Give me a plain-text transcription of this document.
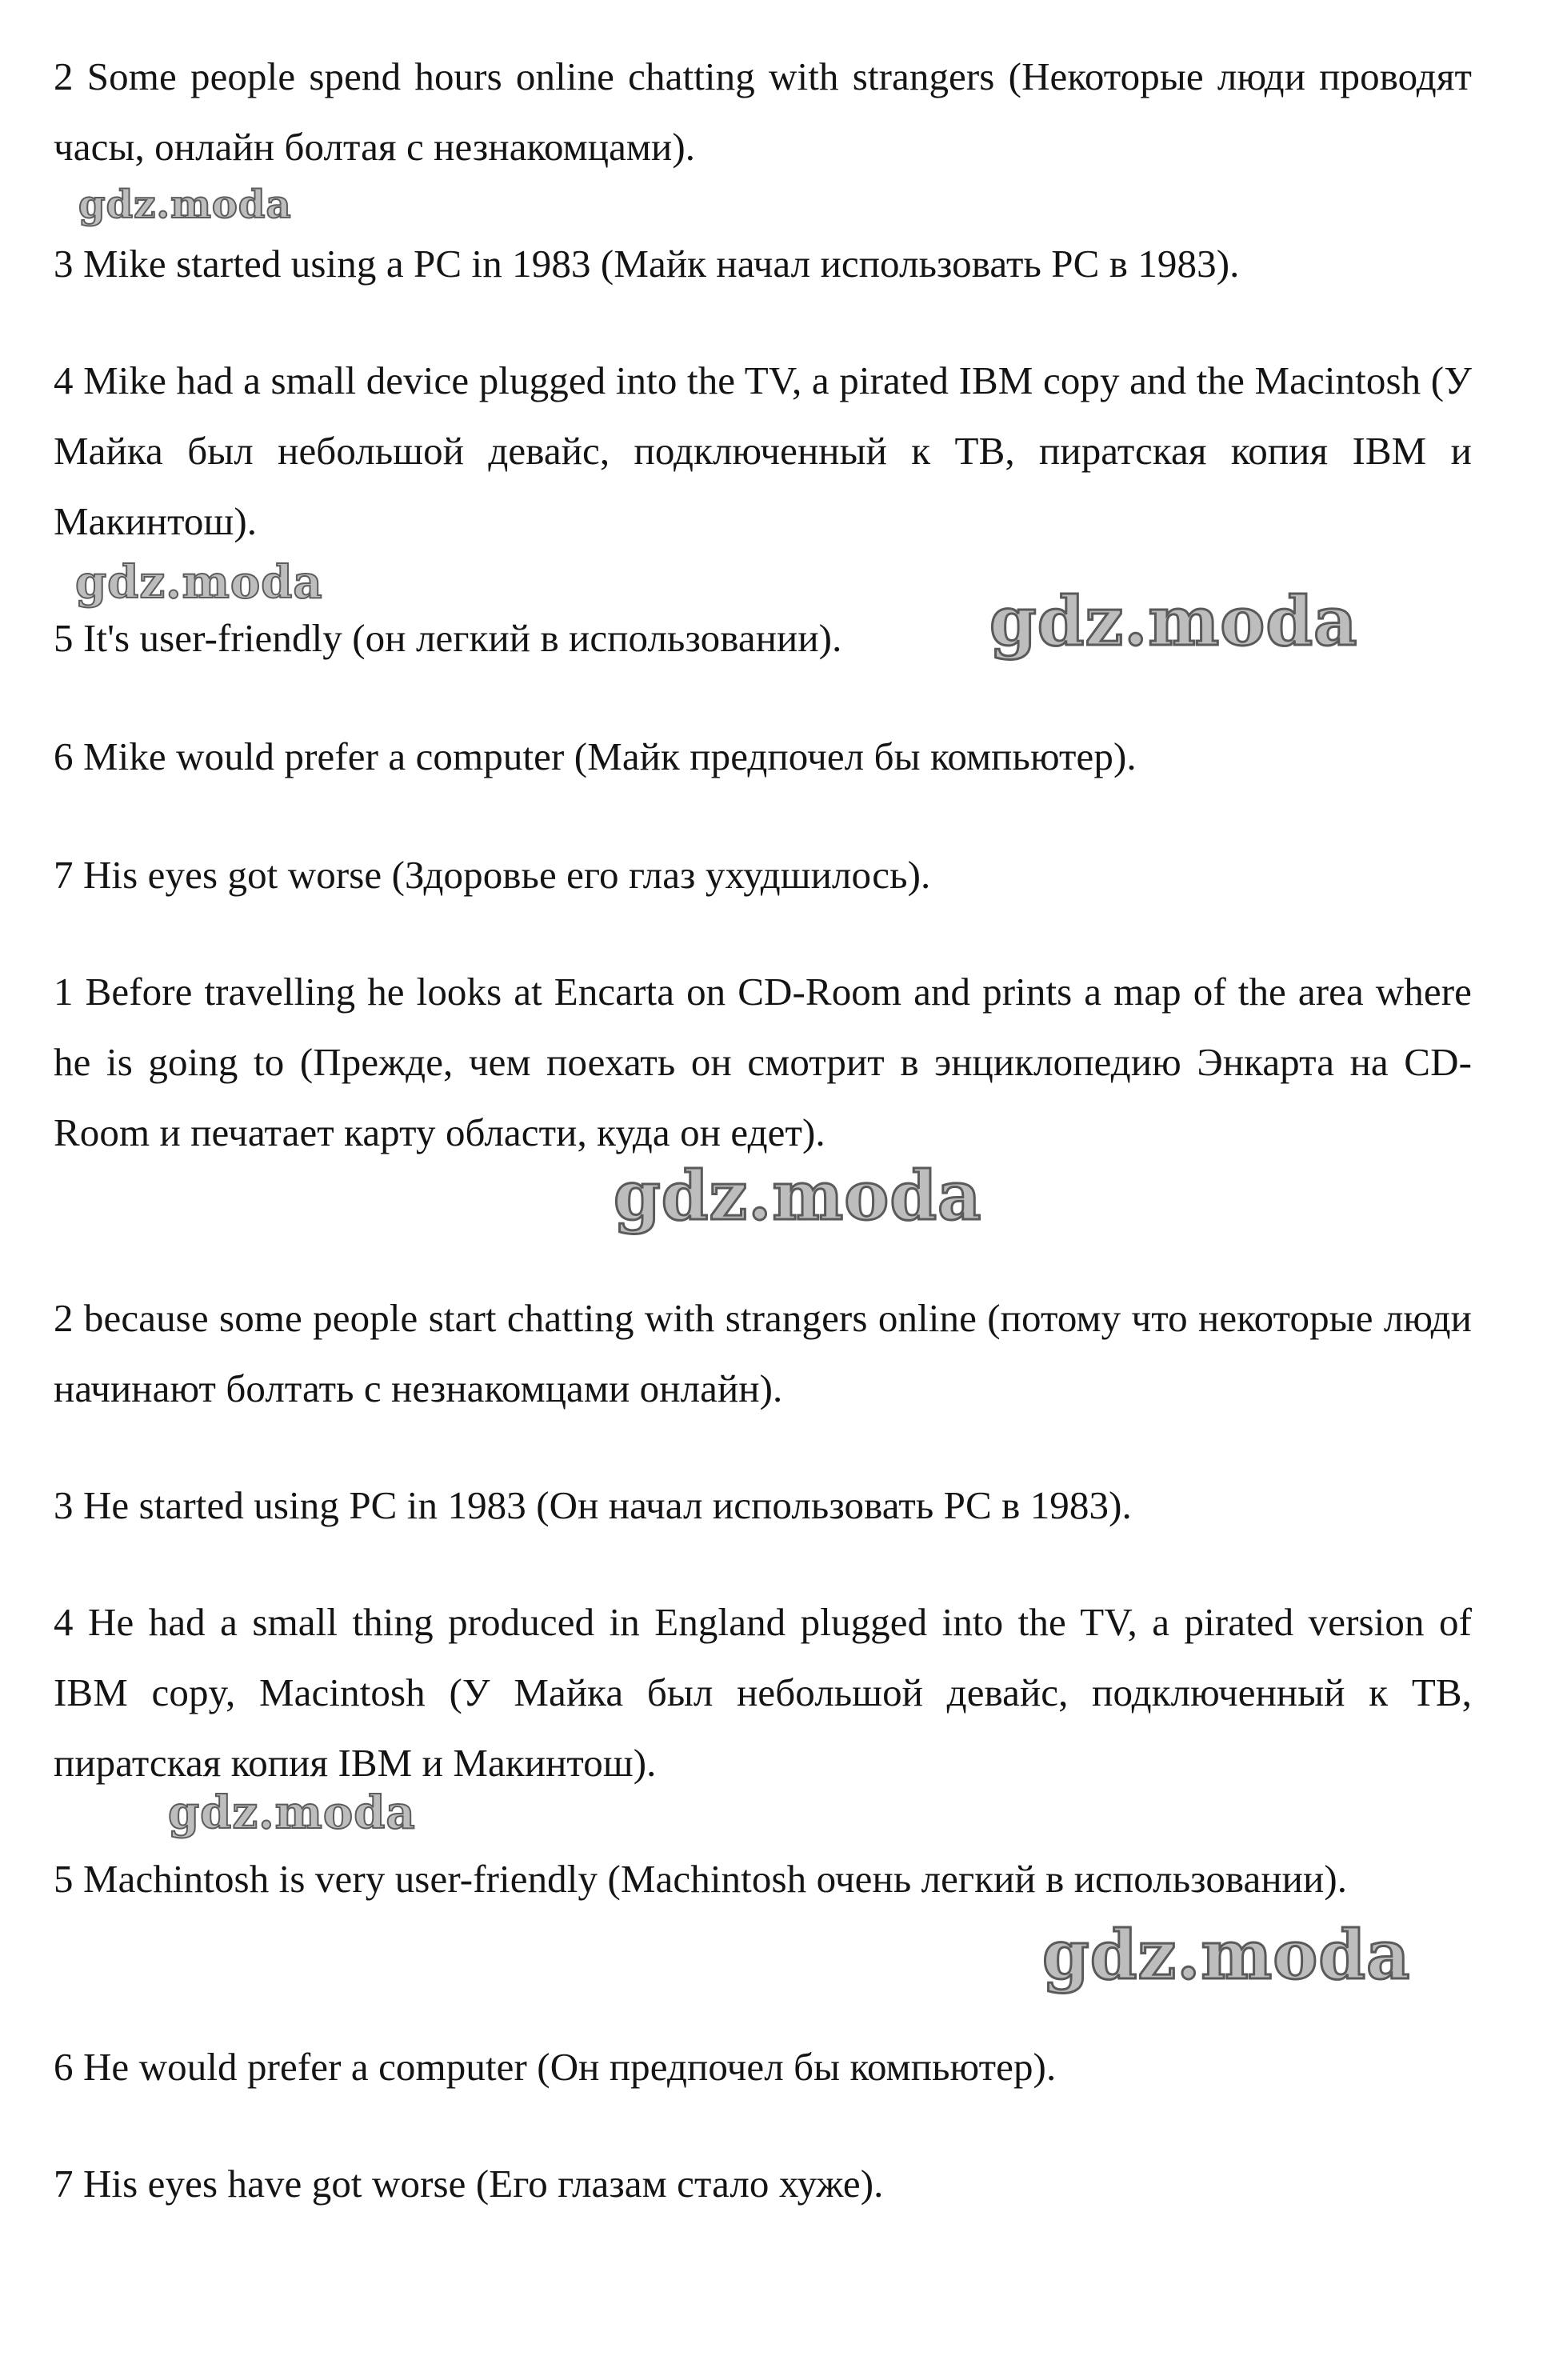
2 Some people spend hours online chatting with strangers (Некоторые люди проводят часы, онлайн болтая с незнакомцами).

gdz.moda

3 Mike started using a PC in 1983 (Майк начал использовать PC в 1983).

4 Mike had a small device plugged into the TV, a pirated IBM copy and the Macintosh (У Майка был небольшой девайс, подключенный к ТВ, пиратская копия IBM и Макинтош).

gdz.moda

5 It's user-friendly (он легкий в использовании).	gdz.moda

6 Mike would prefer a computer (Майк предпочел бы компьютер).

7 His eyes got worse (Здоровье его глаз ухудшилось).

1 Before travelling he looks at Encarta on CD-Room and prints a map of the area where he is going to (Прежде, чем поехать он смотрит в энциклопедию Энкарта на CD-Room и печатает карту области, куда он едет).

gdz.moda

2 because some people start chatting with strangers online (потому что некоторые люди начинают болтать с незнакомцами онлайн).

3 He started using PC in 1983 (Он начал использовать PC в 1983).

4 He had a small thing produced in England plugged into the TV, a pirated version of IBM copy, Macintosh (У Майка был небольшой девайс, подключенный к ТВ, пиратская копия IBM и Макинтош).

gdz.moda

5 Machintosh is very user-friendly (Machintosh очень легкий в использовании).

gdz.moda

6 He would prefer a computer (Он предпочел бы компьютер).

7 His eyes have got worse (Его глазам стало хуже).
